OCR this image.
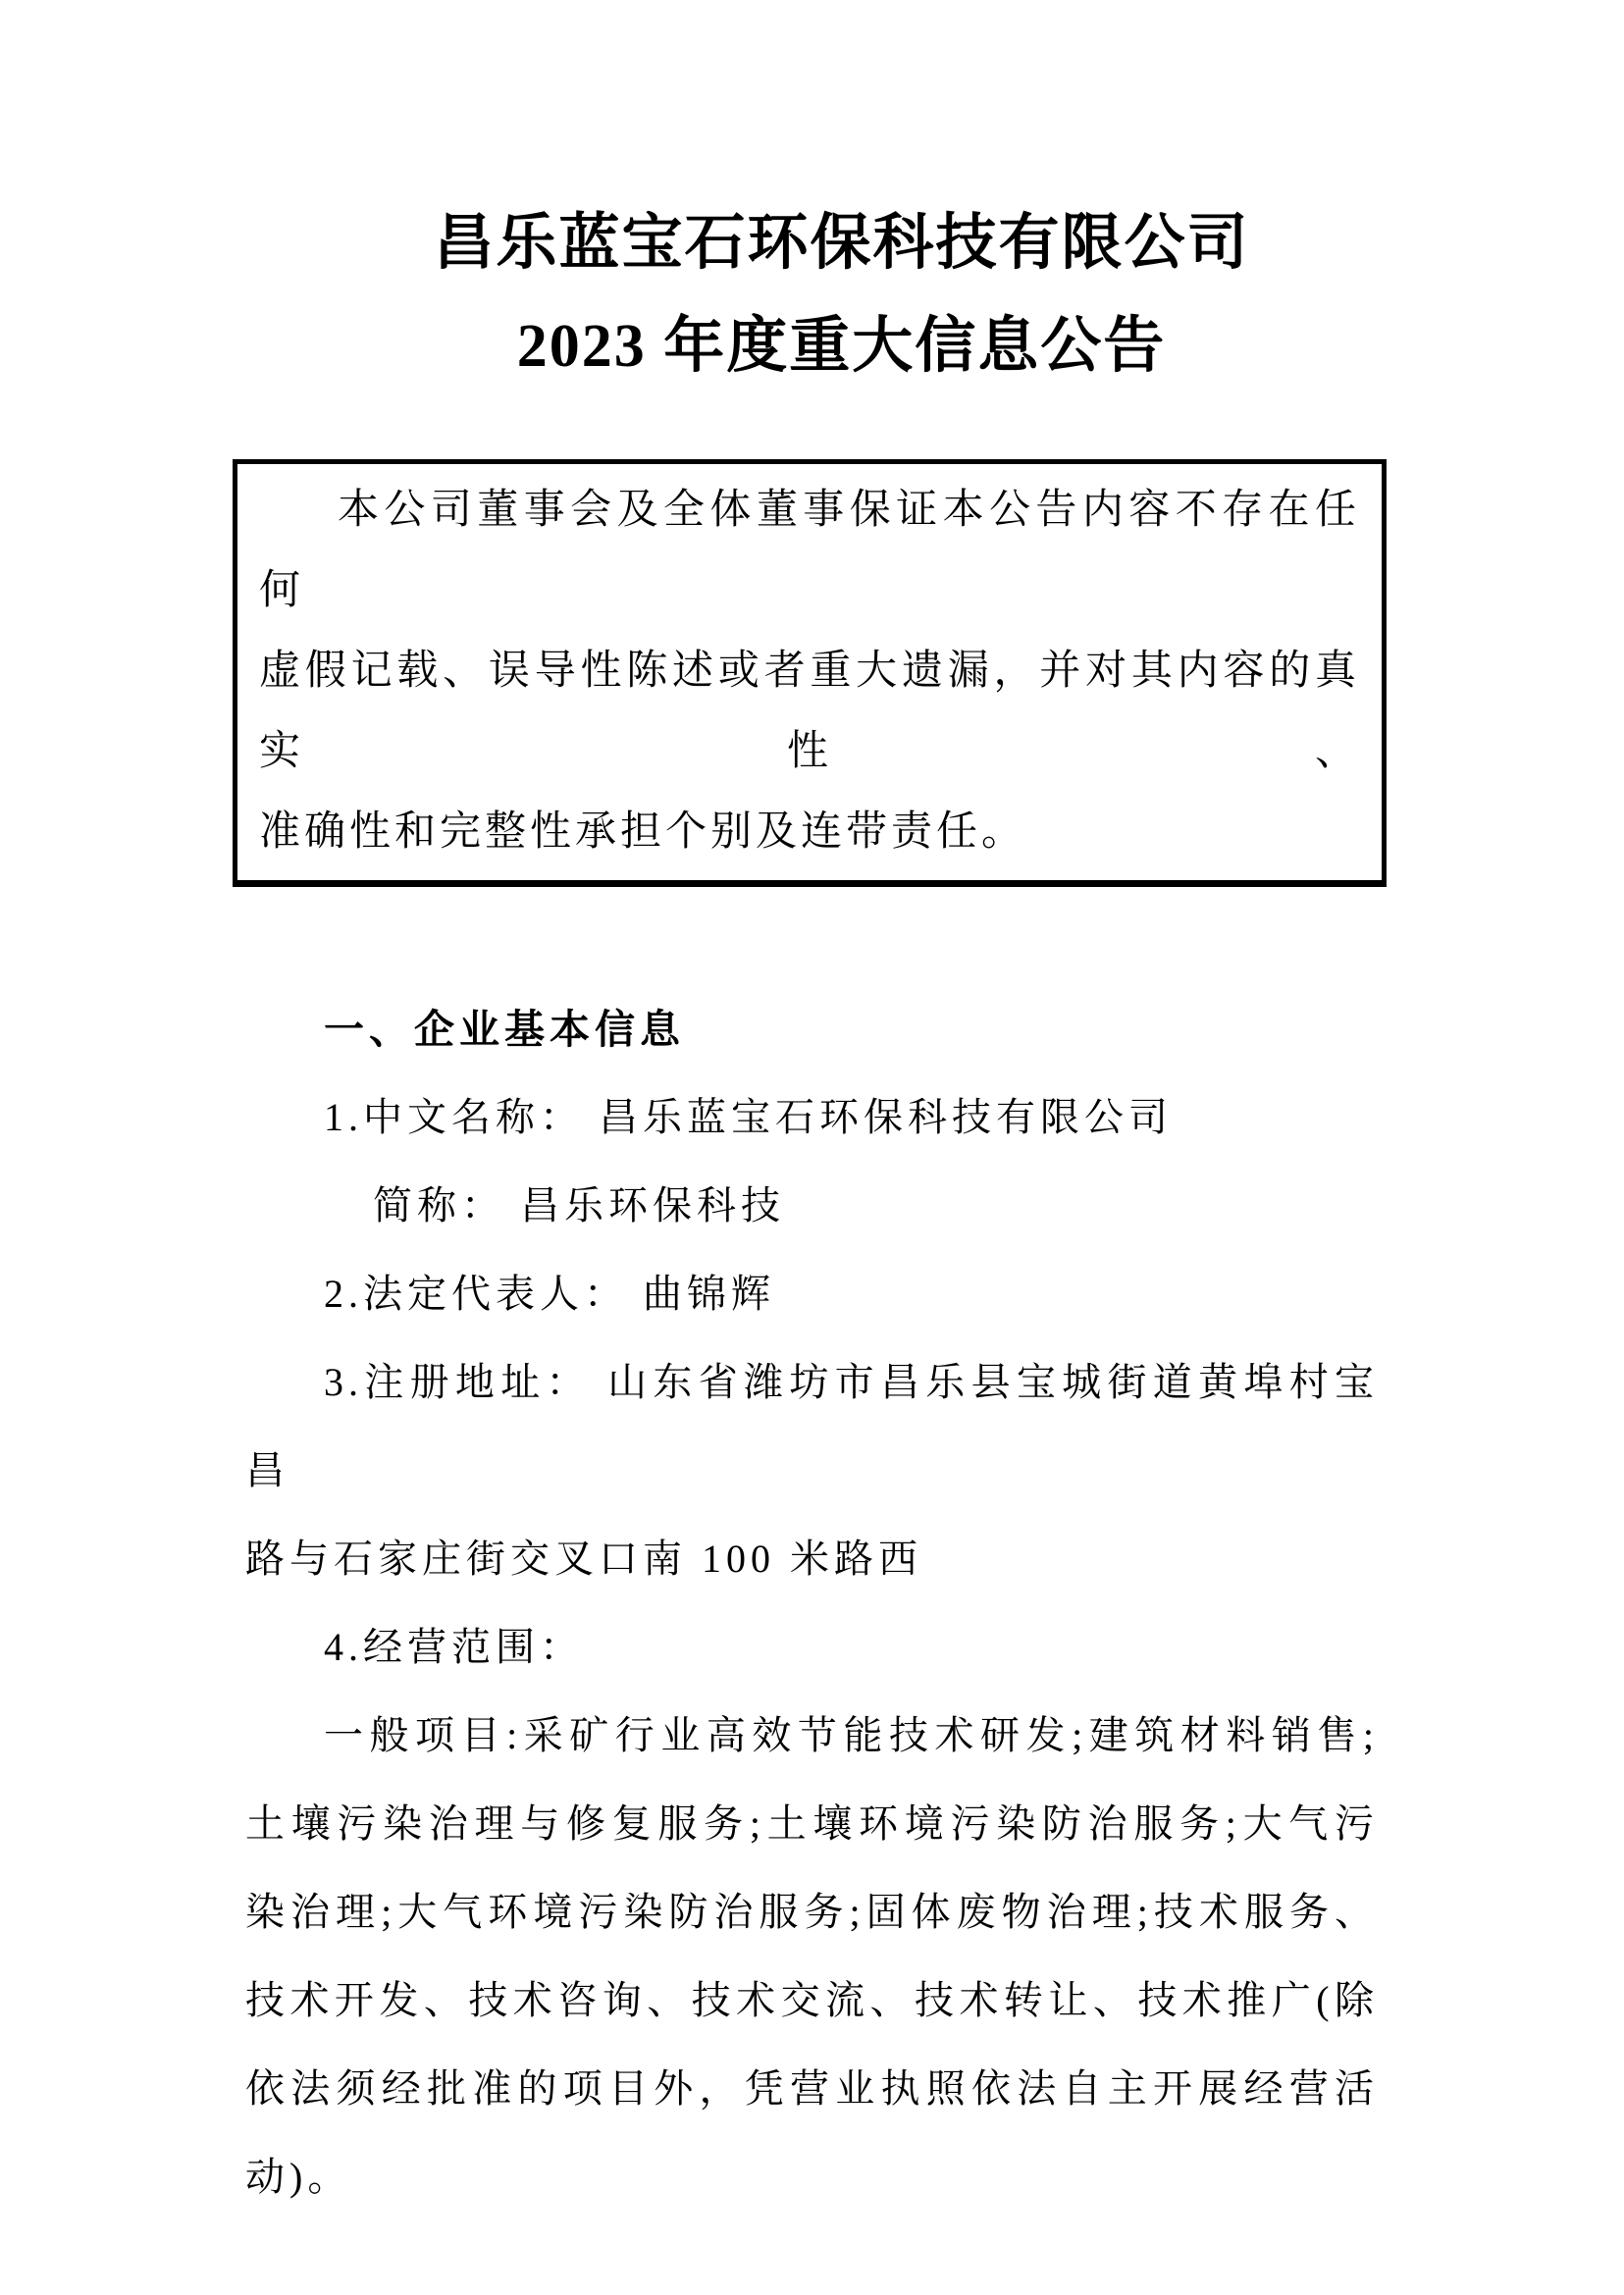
昌乐蓝宝石环保科技有限公司
2023 年度重大信息公告
本公司董事会及全体董事保证本公告内容不存在任何
虚假记载、误导性陈述或者重大遗漏，并对其内容的真实性、
准确性和完整性承担个别及连带责任。
一、企业基本信息
1.中文名称： 昌乐蓝宝石环保科技有限公司
简称： 昌乐环保科技
2.法定代表人： 曲锦辉
3.注册地址： 山东省潍坊市昌乐县宝城街道黄埠村宝昌
路与石家庄街交叉口南 100 米路西
4.经营范围：
一般项目:采矿行业高效节能技术研发;建筑材料销售;
土壤污染治理与修复服务;土壤环境污染防治服务;大气污
染治理;大气环境污染防治服务;固体废物治理;技术服务、
技术开发、技术咨询、技术交流、技术转让、技术推广(除
依法须经批准的项目外，凭营业执照依法自主开展经营活
动)。
